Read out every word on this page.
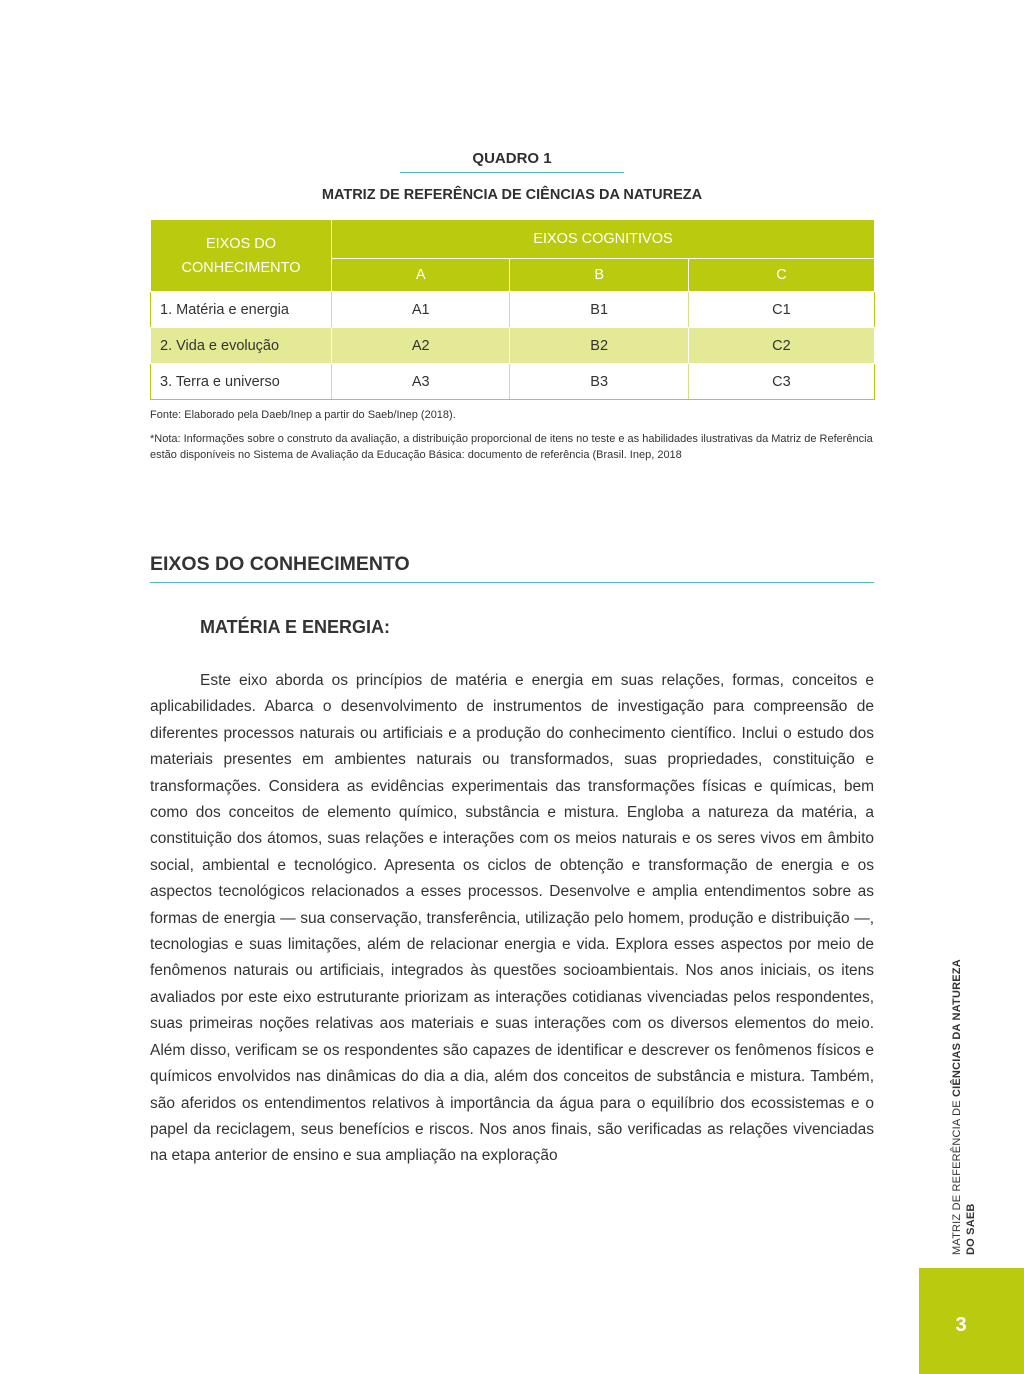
QUADRO 1
MATRIZ DE REFERÊNCIA DE CIÊNCIAS DA NATUREZA
EIXOS DO CONHECIMENTO	EIXOS COGNITIVOS		
	A	B	C
1. Matéria e energia	A1	B1	C1
2. Vida e evolução	A2	B2	C2
3. Terra e universo	A3	B3	C3
Fonte: Elaborado pela Daeb/Inep a partir do Saeb/Inep (2018).
*Nota: Informações sobre o construto da avaliação, a distribuição proporcional de itens no teste e as habilidades ilustrativas da Matriz de Referência estão disponíveis no Sistema de Avaliação da Educação Básica: documento de referência (Brasil. Inep, 2018
EIXOS DO CONHECIMENTO
MATÉRIA E ENERGIA:

Este eixo aborda os princípios de matéria e energia em suas relações, formas, conceitos e aplicabilidades. Abarca o desenvolvimento de instrumentos de investigação para compreensão de diferentes processos naturais ou artificiais e a produção do conhecimento científico. Inclui o estudo dos materiais presentes em ambientes naturais ou transformados, suas propriedades, constituição e transformações. Considera as evidências experimentais das transformações físicas e químicas, bem como dos conceitos de elemento químico, substância e mistura. Engloba a natureza da matéria, a constituição dos átomos, suas relações e interações com os meios naturais e os seres vivos em âmbito social, ambiental e tecnológico. Apresenta os ciclos de obtenção e transformação de energia e os aspectos tecnológicos relacionados a esses processos. Desenvolve e amplia entendimentos sobre as formas de energia — sua conservação, transferência, utilização pelo homem, produção e distribuição —, tecnologias e suas limitações, além de relacionar energia e vida. Explora esses aspectos por meio de fenômenos naturais ou artificiais, integrados às questões socioambientais. Nos anos iniciais, os itens avaliados por este eixo estruturante priorizam as interações cotidianas vivenciadas pelos respondentes, suas primeiras noções relativas aos materiais e suas interações com os diversos elementos do meio. Além disso, verificam se os respondentes são capazes de identificar e descrever os fenômenos físicos e químicos envolvidos nas dinâmicas do dia a dia, além dos conceitos de substância e mistura. Também, são aferidos os entendimentos relativos à importância da água para o equilíbrio dos ecossistemas e o papel da reciclagem, seus benefícios e riscos. Nos anos finais, são verificadas as relações vivenciadas na etapa anterior de ensino e sua ampliação na exploração	MATRIZ DE REFERÊNCIA DE CIÊNCIAS DA NATUREZA
DO SAEB
3
